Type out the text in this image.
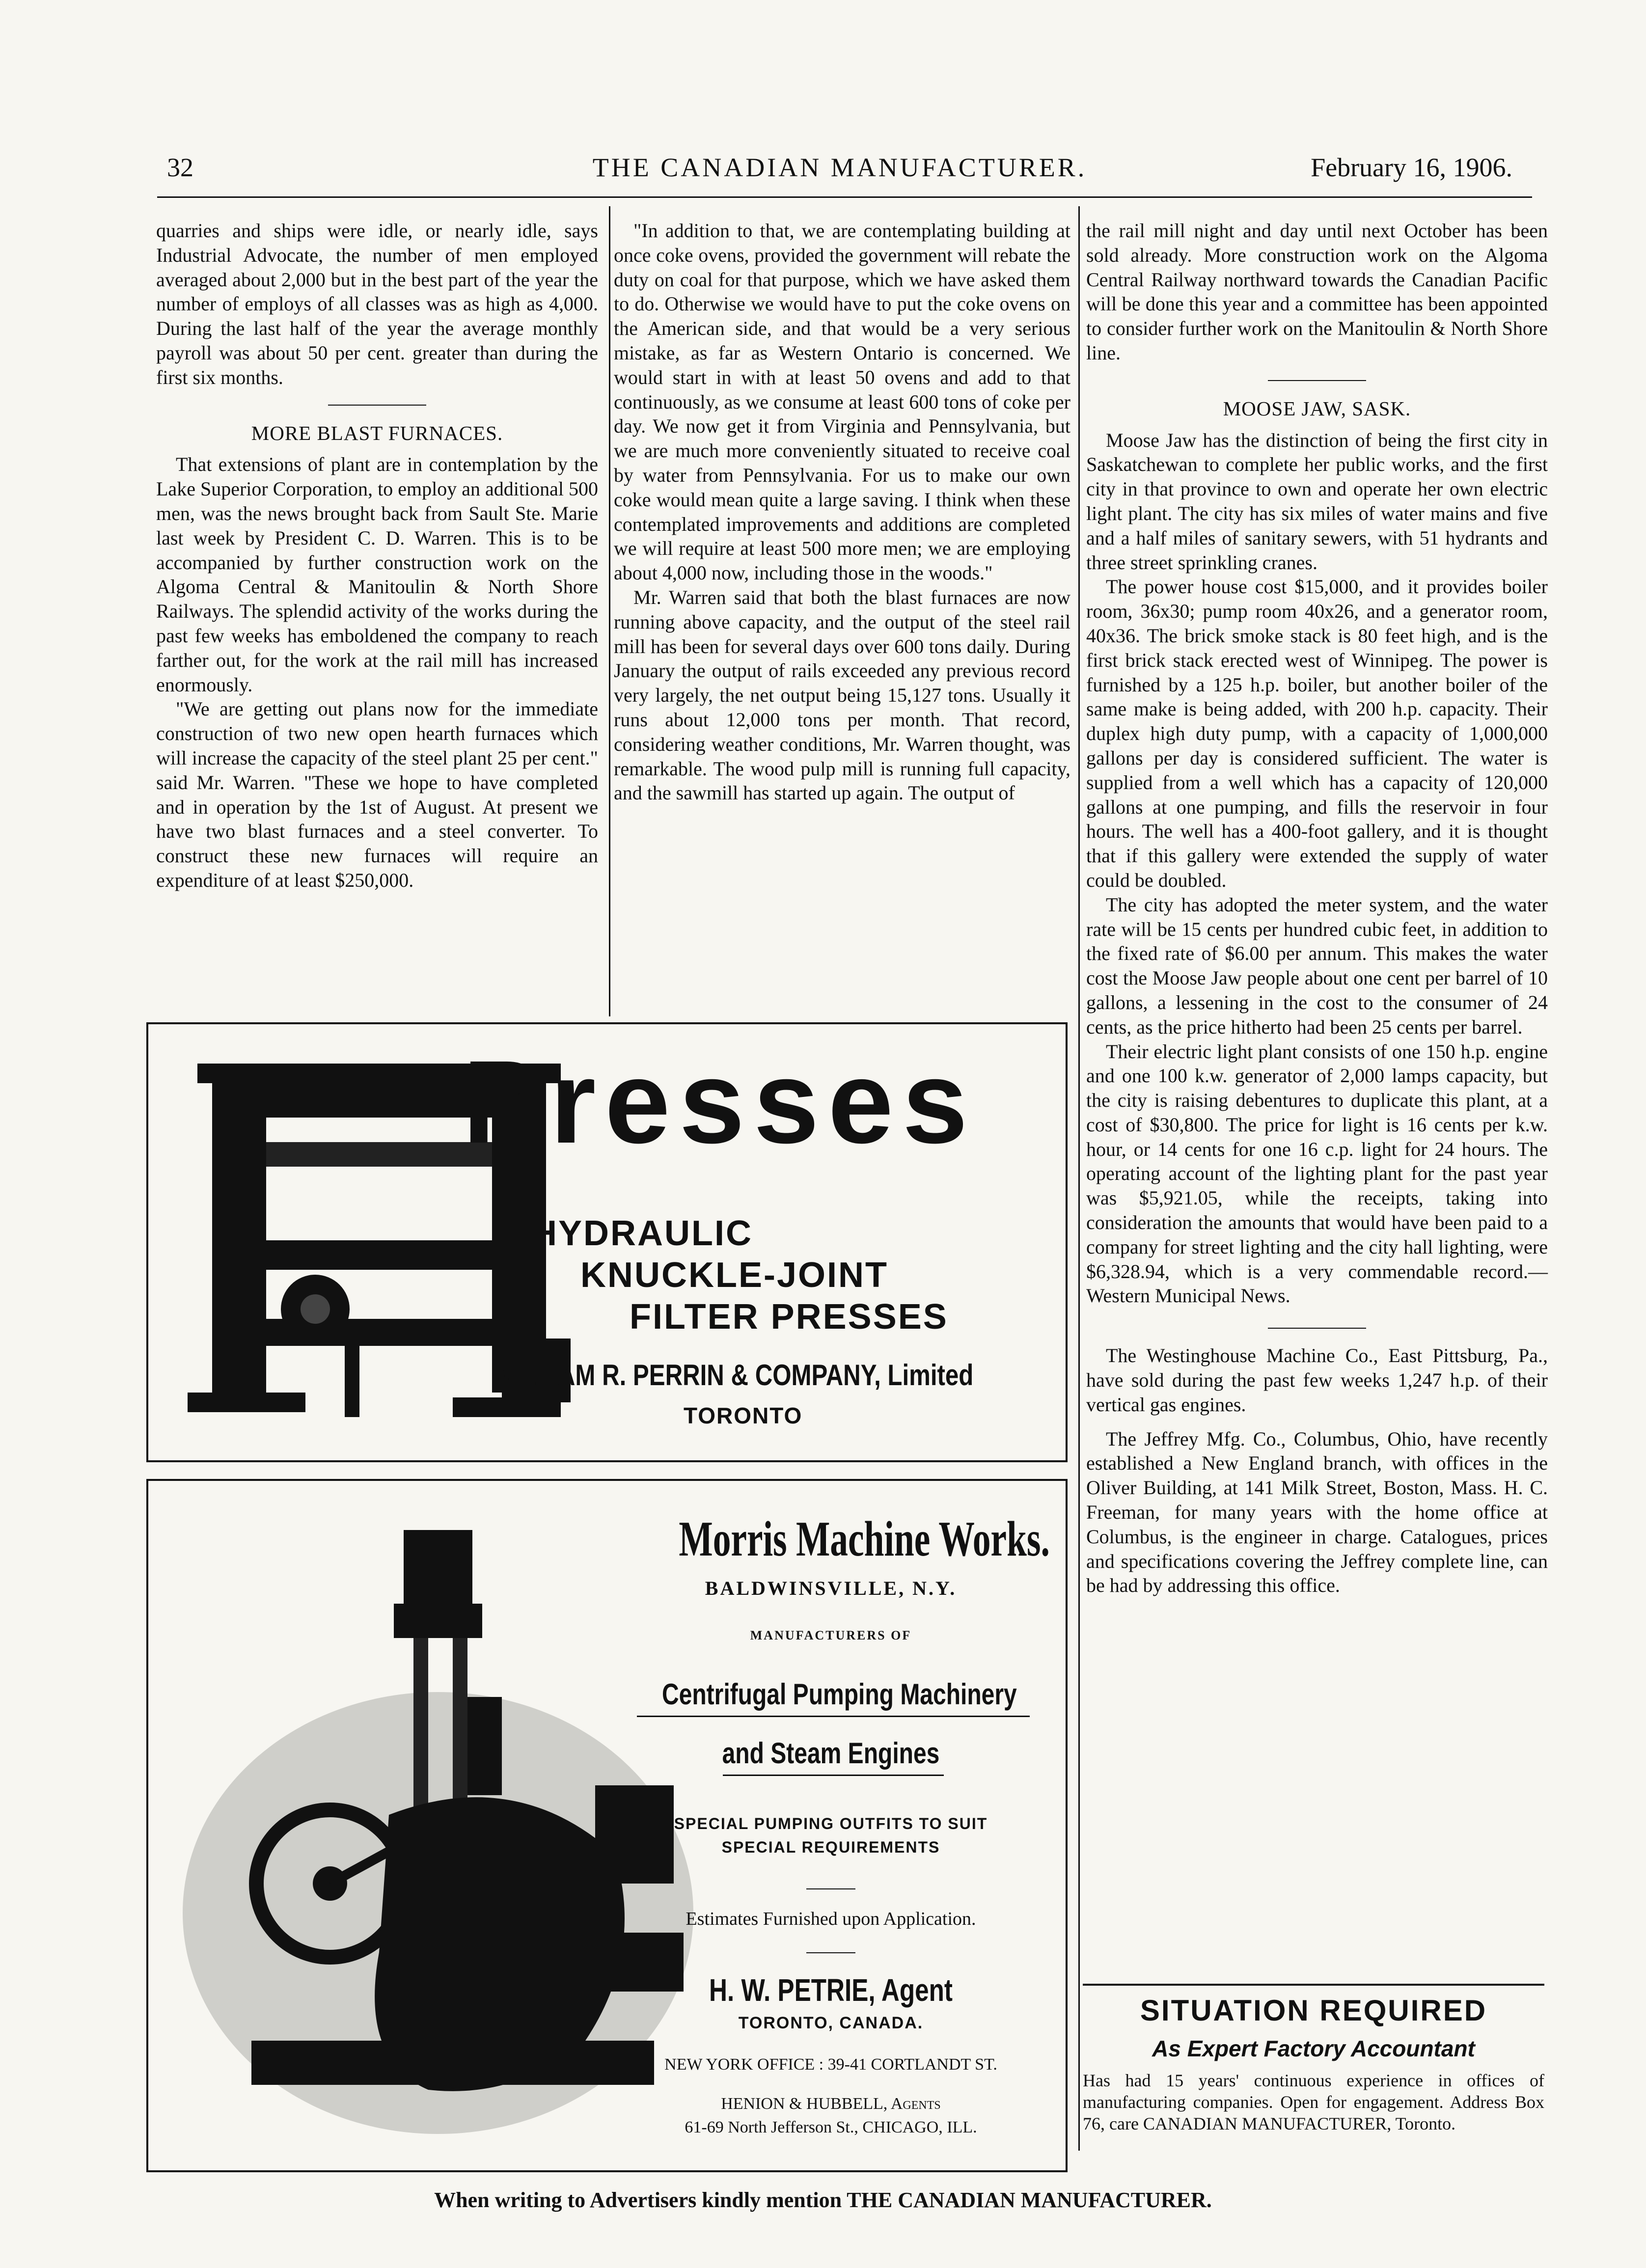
32	THE CANADIAN MANUFACTURER.	February 16, 1906.

quarries and ships were idle, or nearly idle, says Industrial Advocate, the number of men employed averaged about 2,000 but in the best part of the year the number of employs of all classes was as high as 4,000. During the last half of the year the average monthly payroll was about 50 per cent. greater than during the first six months.

MORE BLAST FURNACES.

That extensions of plant are in contemplation by the Lake Superior Corporation, to employ an additional 500 men, was the news brought back from Sault Ste. Marie last week by President C. D. Warren. This is to be accompanied by further construction work on the Algoma Central & Manitoulin & North Shore Railways. The splendid activity of the works during the past few weeks has emboldened the company to reach farther out, for the work at the rail mill has increased enormously.

"We are getting out plans now for the immediate construction of two new open hearth furnaces which will increase the capacity of the steel plant 25 per cent." said Mr. Warren. "These we hope to have completed and in operation by the 1st of August. At present we have two blast furnaces and a steel converter. To construct these new furnaces will require an expenditure of at least $250,000.

"In addition to that, we are contemplating building at once coke ovens, provided the government will rebate the duty on coal for that purpose, which we have asked them to do. Otherwise we would have to put the coke ovens on the American side, and that would be a very serious mistake, as far as Western Ontario is concerned. We would start in with at least 50 ovens and add to that continuously, as we consume at least 600 tons of coke per day. We now get it from Virginia and Pennsylvania, but we are much more conveniently situated to receive coal by water from Pennsylvania. For us to make our own coke would mean quite a large saving. I think when these contemplated improvements and additions are completed we will require at least 500 more men; we are employing about 4,000 now, including those in the woods."

Mr. Warren said that both the blast furnaces are now running above capacity, and the output of the steel rail mill has been for several days over 600 tons daily. During January the output of rails exceeded any previous record very largely, the net output being 15,127 tons. Usually it runs about 12,000 tons per month. That record, considering weather conditions, Mr. Warren thought, was remarkable. The wood pulp mill is running full capacity, and the sawmill has started up again. The output of

the rail mill night and day until next October has been sold already. More construction work on the Algoma Central Railway northward towards the Canadian Pacific will be done this year and a committee has been appointed to consider further work on the Manitoulin & North Shore line.

MOOSE JAW, SASK.

Moose Jaw has the distinction of being the first city in Saskatchewan to complete her public works, and the first city in that province to own and operate her own electric light plant. The city has six miles of water mains and five and a half miles of sanitary sewers, with 51 hydrants and three street sprinkling cranes.

The power house cost $15,000, and it provides boiler room, 36x30; pump room 40x26, and a generator room, 40x36. The brick smoke stack is 80 feet high, and is the first brick stack erected west of Winnipeg. The power is furnished by a 125 h.p. boiler, but another boiler of the same make is being added, with 200 h.p. capacity. Their duplex high duty pump, with a capacity of 1,000,000 gallons per day is considered sufficient. The water is supplied from a well which has a capacity of 120,000 gallons at one pumping, and fills the reservoir in four hours. The well has a 400-foot gallery, and it is thought that if this gallery were extended the supply of water could be doubled.

The city has adopted the meter system, and the water rate will be 15 cents per hundred cubic feet, in addition to the fixed rate of $6.00 per annum. This makes the water cost the Moose Jaw people about one cent per barrel of 10 gallons, a lessening in the cost to the consumer of 24 cents, as the price hitherto had been 25 cents per barrel.

Their electric light plant consists of one 150 h.p. engine and one 100 k.w. generator of 2,000 lamps capacity, but the city is raising debentures to duplicate this plant, at a cost of $30,800. The price for light is 16 cents per k.w. hour, or 14 cents for one 16 c.p. light for 24 hours. The operating account of the lighting plant for the past year was $5,921.05, while the receipts, taking into consideration the amounts that would have been paid to a company for street lighting and the city hall lighting, were $6,328.94, which is a very commendable record.—Western Municipal News.

The Westinghouse Machine Co., East Pittsburg, Pa., have sold during the past few weeks 1,247 h.p. of their vertical gas engines.

The Jeffrey Mfg. Co., Columbus, Ohio, have recently established a New England branch, with offices in the Oliver Building, at 141 Milk Street, Boston, Mass. H. C. Freeman, for many years with the home office at Columbus, is the engineer in charge. Catalogues, prices and specifications covering the Jeffrey complete line, can be had by addressing this office.

SITUATION REQUIRED
As Expert Factory Accountant
Has had 15 years' continuous experience in offices of manufacturing companies. Open for engagement. Address Box 76, care CANADIAN MANUFACTURER, Toronto.
Presses
HYDRAULIC
KNUCKLE-JOINT
FILTER PRESSES
WILLIAM R. PERRIN & COMPANY, Limited
TORONTO
Morris Machine Works.
BALDWINSVILLE, N.Y.
MANUFACTURERS OF
Centrifugal Pumping Machinery
and Steam Engines
SPECIAL PUMPING OUTFITS TO SUIT
SPECIAL REQUIREMENTS
Estimates Furnished upon Application.
H. W. PETRIE, Agent
TORONTO, CANADA.
NEW YORK OFFICE : 39-41 CORTLANDT ST.
HENION & HUBBELL, Agents
61-69 North Jefferson St., CHICAGO, ILL.
When writing to Advertisers kindly mention THE CANADIAN MANUFACTURER.
